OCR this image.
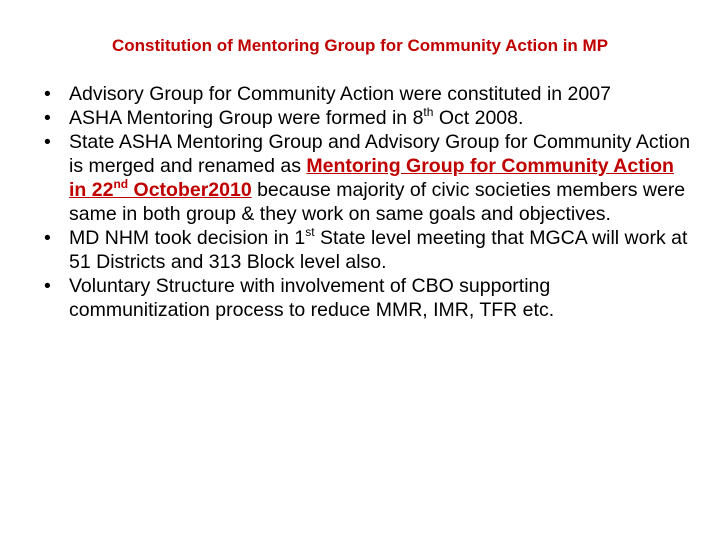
Constitution of Mentoring Group for Community Action in MP
• Advisory Group for Community Action were constituted in 2007
• ASHA Mentoring Group were formed in 8th Oct 2008.
• State ASHA Mentoring Group and Advisory Group for Community Action is merged and renamed as Mentoring Group for Community Action in 22nd October2010 because majority of civic societies members were same in both group & they work on same goals and objectives.
• MD NHM took decision in 1st State level meeting that MGCA will work at 51 Districts and 313 Block level also.
• Voluntary Structure with involvement of CBO supporting communitization process to reduce MMR, IMR, TFR etc.
